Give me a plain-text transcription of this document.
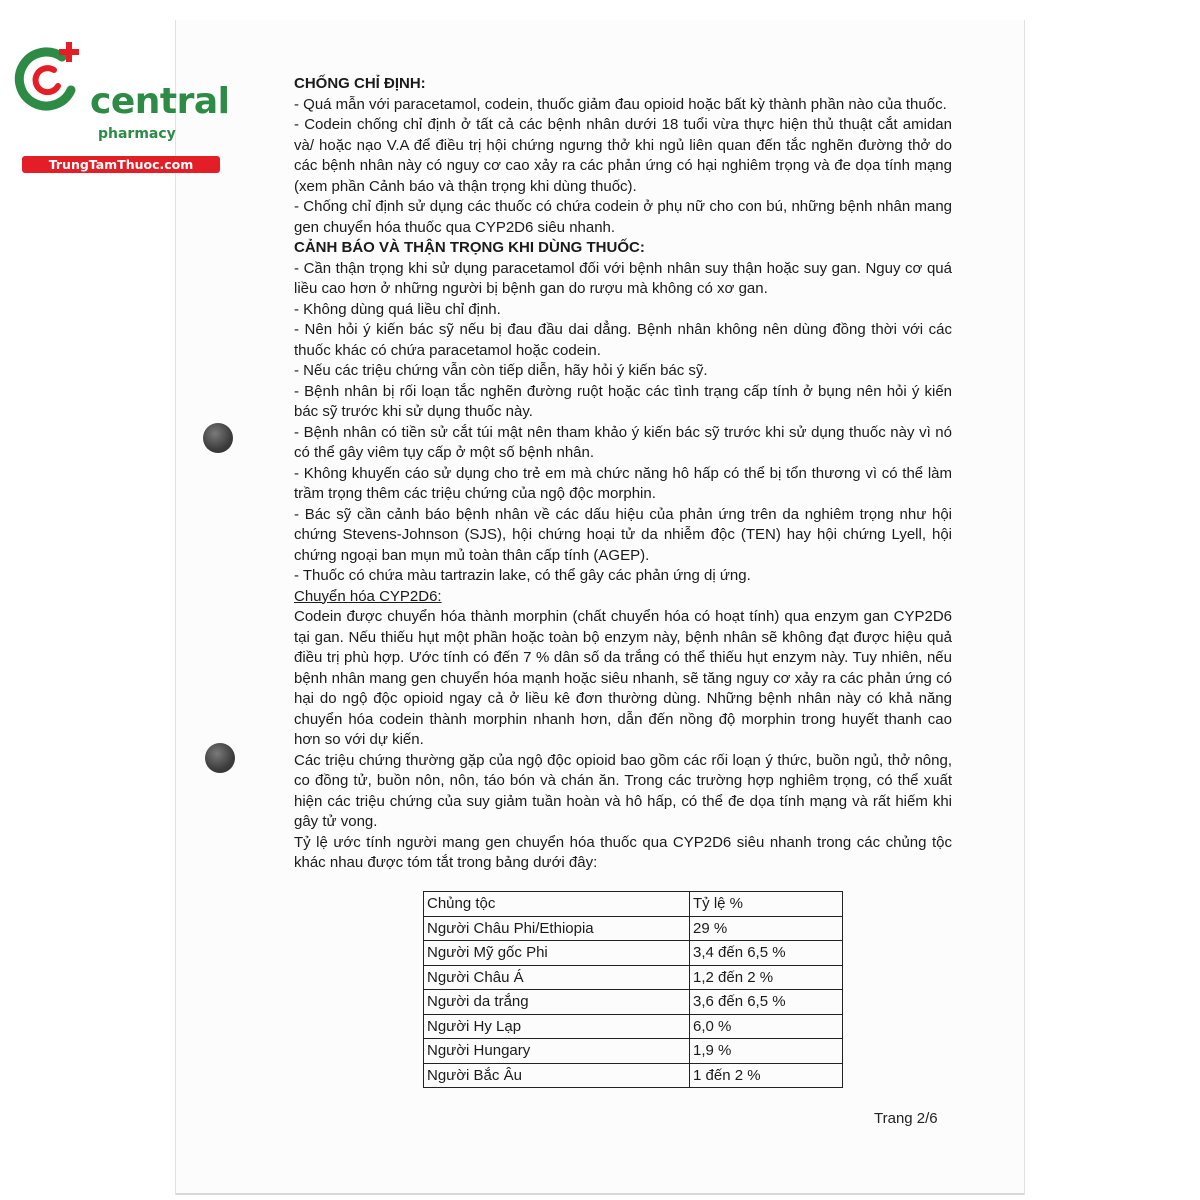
central
pharmacy
TrungTamThuoc.com
CHỐNG CHỈ ĐỊNH:

- Quá mẫn với paracetamol, codein, thuốc giảm đau opioid hoặc bất kỳ thành phần nào của thuốc.

- Codein chống chỉ định ở tất cả các bệnh nhân dưới 18 tuổi vừa thực hiện thủ thuật cắt amidan và/ hoặc nạo V.A để điều trị hội chứng ngưng thở khi ngủ liên quan đến tắc nghẽn đường thở do các bệnh nhân này có nguy cơ cao xảy ra các phản ứng có hại nghiêm trọng và đe dọa tính mạng (xem phần Cảnh báo và thận trọng khi dùng thuốc).

- Chống chỉ định sử dụng các thuốc có chứa codein ở phụ nữ cho con bú, những bệnh nhân mang gen chuyển hóa thuốc qua CYP2D6 siêu nhanh.

CẢNH BÁO VÀ THẬN TRỌNG KHI DÙNG THUỐC:

- Cần thận trọng khi sử dụng paracetamol đối với bệnh nhân suy thận hoặc suy gan. Nguy cơ quá liều cao hơn ở những người bị bệnh gan do rượu mà không có xơ gan.

- Không dùng quá liều chỉ định.

- Nên hỏi ý kiến bác sỹ nếu bị đau đầu dai dẳng. Bệnh nhân không nên dùng đồng thời với các thuốc khác có chứa paracetamol hoặc codein.

- Nếu các triệu chứng vẫn còn tiếp diễn, hãy hỏi ý kiến bác sỹ.

- Bệnh nhân bị rối loạn tắc nghẽn đường ruột hoặc các tình trạng cấp tính ở bụng nên hỏi ý kiến bác sỹ trước khi sử dụng thuốc này.

- Bệnh nhân có tiền sử cắt túi mật nên tham khảo ý kiến bác sỹ trước khi sử dụng thuốc này vì nó có thể gây viêm tụy cấp ở một số bệnh nhân.

- Không khuyến cáo sử dụng cho trẻ em mà chức năng hô hấp có thể bị tổn thương vì có thể làm trầm trọng thêm các triệu chứng của ngộ độc morphin.

- Bác sỹ cần cảnh báo bệnh nhân về các dấu hiệu của phản ứng trên da nghiêm trọng như hội chứng Stevens-Johnson (SJS), hội chứng hoại tử da nhiễm độc (TEN) hay hội chứng Lyell, hội chứng ngoại ban mụn mủ toàn thân cấp tính (AGEP).

- Thuốc có chứa màu tartrazin lake, có thể gây các phản ứng dị ứng.

Chuyển hóa CYP2D6:

Codein được chuyển hóa thành morphin (chất chuyển hóa có hoạt tính) qua enzym gan CYP2D6 tại gan. Nếu thiếu hụt một phần hoặc toàn bộ enzym này, bệnh nhân sẽ không đạt được hiệu quả điều trị phù hợp. Ước tính có đến 7 % dân số da trắng có thể thiếu hụt enzym này. Tuy nhiên, nếu bệnh nhân mang gen chuyển hóa mạnh hoặc siêu nhanh, sẽ tăng nguy cơ xảy ra các phản ứng có hại do ngộ độc opioid ngay cả ở liều kê đơn thường dùng. Những bệnh nhân này có khả năng chuyển hóa codein thành morphin nhanh hơn, dẫn đến nồng độ morphin trong huyết thanh cao hơn so với dự kiến.

Các triệu chứng thường gặp của ngộ độc opioid bao gồm các rối loạn ý thức, buồn ngủ, thở nông, co đồng tử, buồn nôn, nôn, táo bón và chán ăn. Trong các trường hợp nghiêm trọng, có thể xuất hiện các triệu chứng của suy giảm tuần hoàn và hô hấp, có thể đe dọa tính mạng và rất hiếm khi gây tử vong.

Tỷ lệ ước tính người mang gen chuyển hóa thuốc qua CYP2D6 siêu nhanh trong các chủng tộc khác nhau được tóm tắt trong bảng dưới đây:

Chủng tộc	Tỷ lệ %
Người Châu Phi/Ethiopia	29 %
Người Mỹ gốc Phi	3,4 đến 6,5 %
Người Châu Á	1,2 đến 2 %
Người da trắng	3,6 đến 6,5 %
Người Hy Lạp	6,0 %
Người Hungary	1,9 %
Người Bắc Âu	1 đến 2 %
Trang 2/6
